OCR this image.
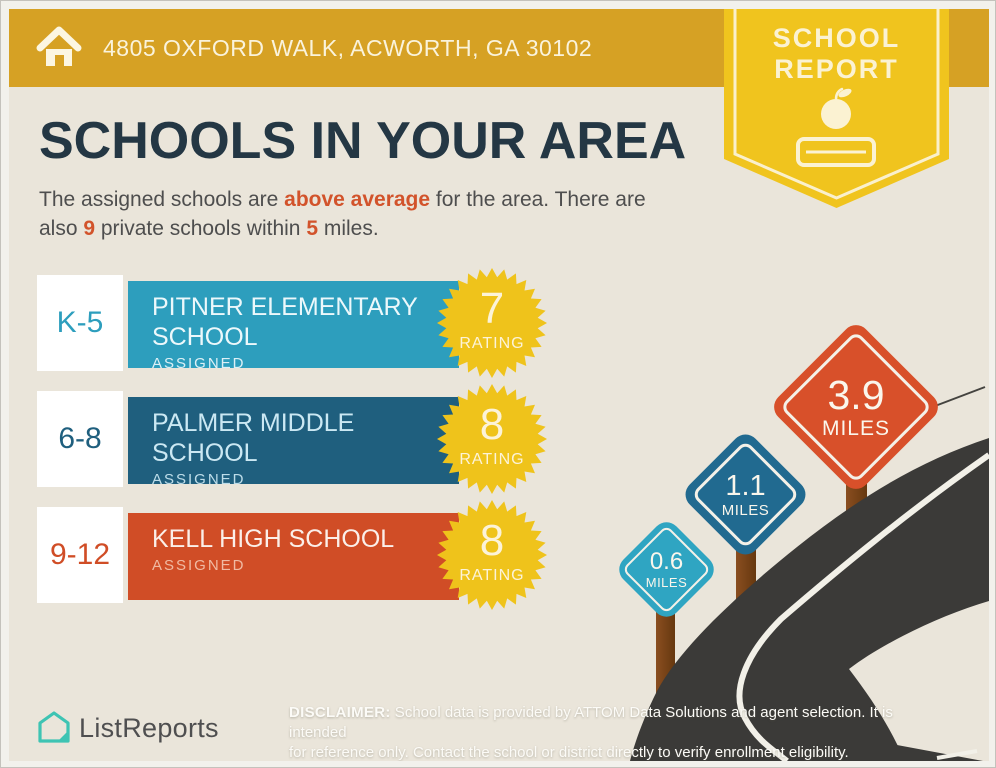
4805 OXFORD WALK, ACWORTH, GA 30102	SCHOOL
REPORT
SCHOOLS IN YOUR AREA
The assigned schools are above average for the area. There are also 9 private schools within 5 miles.
K-5	PITNER ELEMENTARY SCHOOL
ASSIGNED
7
RATING
6-8	PALMER MIDDLE SCHOOL
ASSIGNED
8
RATING
9-12	KELL HIGH SCHOOL
ASSIGNED
8
RATING
0.6
MILES
1.1
MILES
3.9
MILES
ListReports	DISCLAIMER: School data is provided by ATTOM Data Solutions and agent selection. It is intended
for reference only. Contact the school or district directly to verify enrollment eligibility.
